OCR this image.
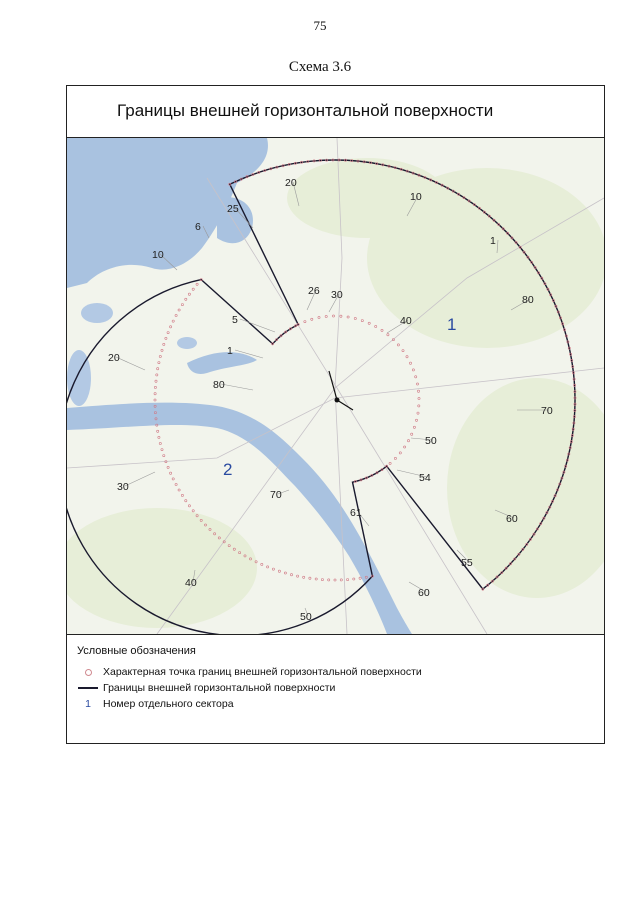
75
Схема 3.6
Границы внешней горизонтальной поверхности
20
25
10
6
10
1
80
26 30
40
5
1
20
80
70
50
54
30
70
61
60
55
40
60
50
1
2
Условные обозначения
Характерная точка границ внешней горизонтальной поверхности
Границы внешней горизонтальной поверхности
1 Номер отдельного сектора
